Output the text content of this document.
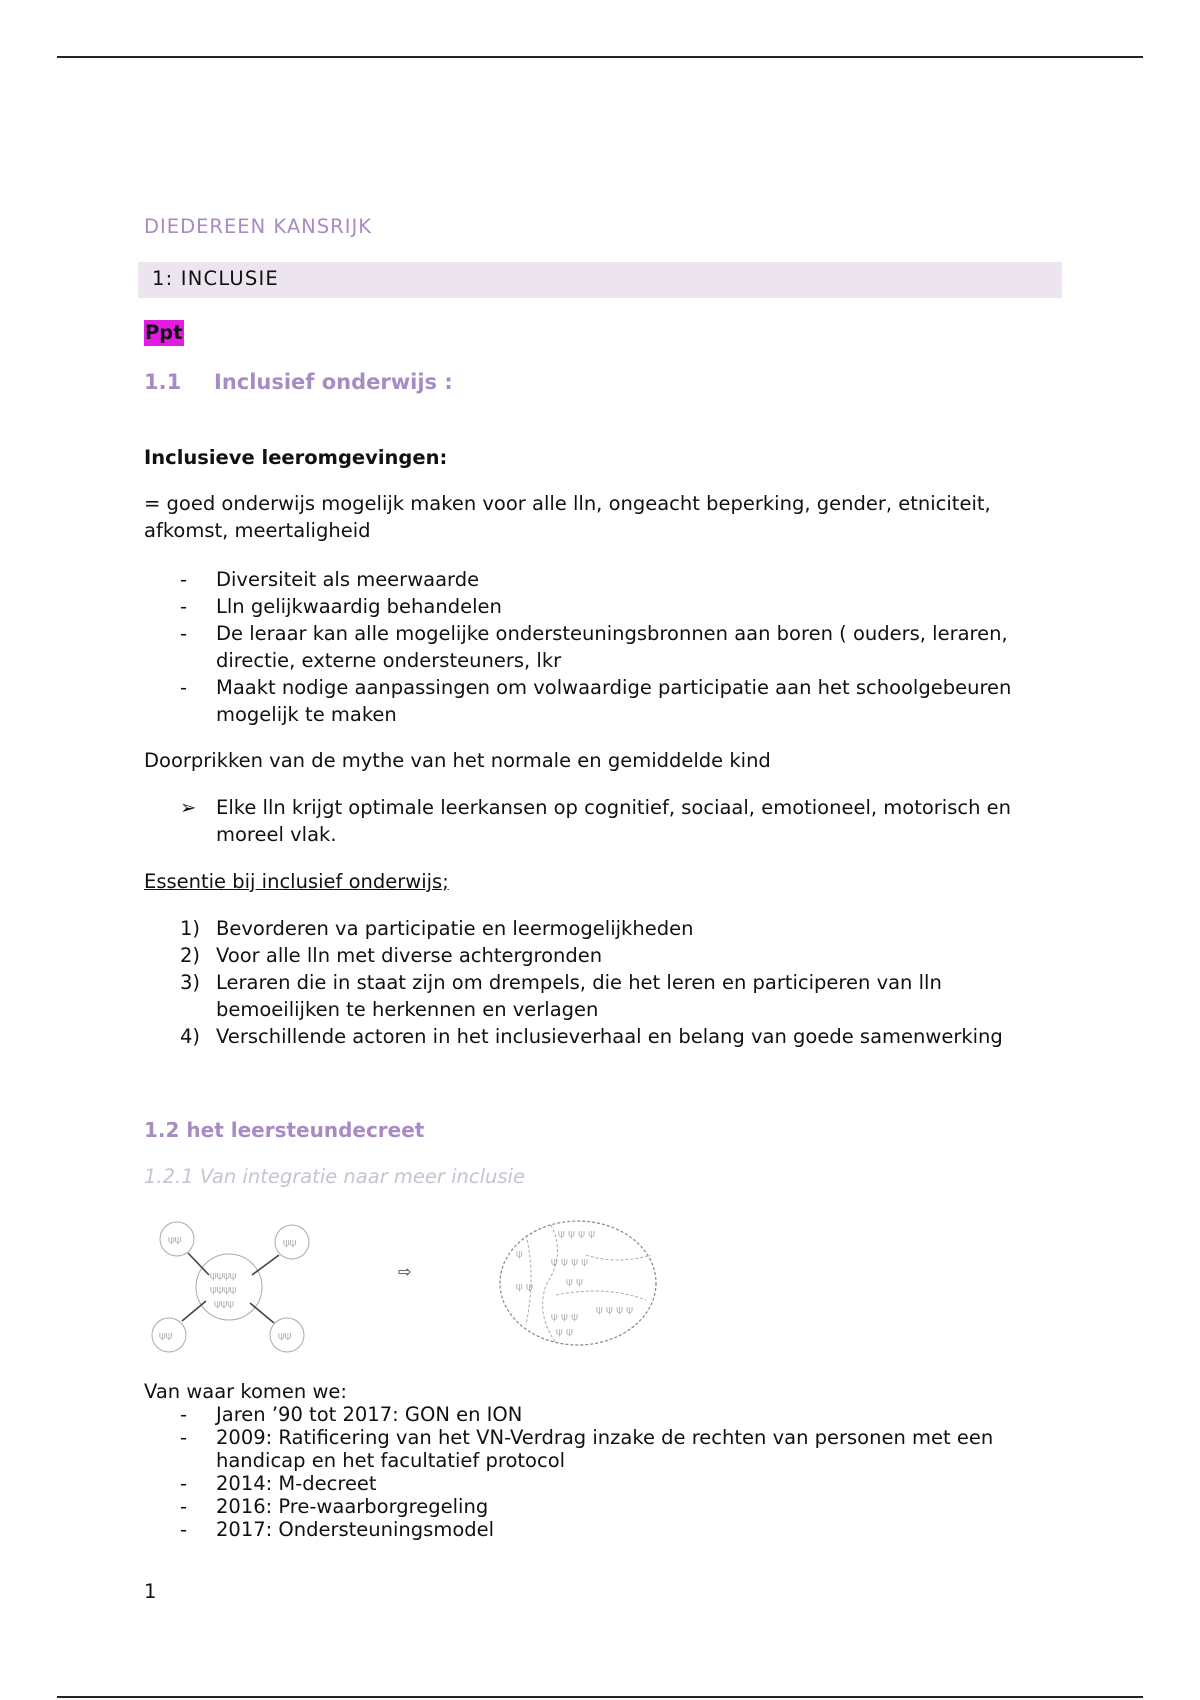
DIEDEREEN KANSRIJK
1: INCLUSIE
Ppt
1.1 Inclusief onderwijs :
Inclusieve leeromgevingen:
= goed onderwijs mogelijk maken voor alle lln, ongeacht beperking, gender, etniciteit, afkomst, meertaligheid
- Diversiteit als meerwaarde
- Lln gelijkwaardig behandelen
- De leraar kan alle mogelijke ondersteuningsbronnen aan boren ( ouders, leraren, directie, externe ondersteuners, lkr
- Maakt nodige aanpassingen om volwaardige participatie aan het schoolgebeuren mogelijk te maken
Doorprikken van de mythe van het normale en gemiddelde kind
➢ Elke lln krijgt optimale leerkansen op cognitief, sociaal, emotioneel, motorisch en moreel vlak.
Essentie bij inclusief onderwijs;
1) Bevorderen va participatie en leermogelijkheden
2) Voor alle lln met diverse achtergronden
3) Leraren die in staat zijn om drempels, die het leren en participeren van lln bemoeilijken te herkennen en verlagen
4) Verschillende actoren in het inclusieverhaal en belang van goede samenwerking
1.2 het leersteundecreet
1.2.1 Van integratie naar meer inclusie
⍦⍦	⍦⍦
⍦⍦	⍦⍦
⍦⍦⍦⍦
⍦⍦⍦⍦
⍦⍦⍦
⇨
⍦ ⍦ ⍦ ⍦
⍦
⍦ ⍦ ⍦ ⍦
⍦ ⍦	⍦ ⍦
⍦ ⍦ ⍦ ⍦
⍦ ⍦ ⍦
⍦ ⍦
Van waar komen we:
- Jaren ’90 tot 2017: GON en ION
- 2009: Ratificering van het VN-Verdrag inzake de rechten van personen met een handicap en het facultatief protocol
- 2014: M-decreet
- 2016: Pre-waarborgregeling
- 2017: Ondersteuningsmodel
1
